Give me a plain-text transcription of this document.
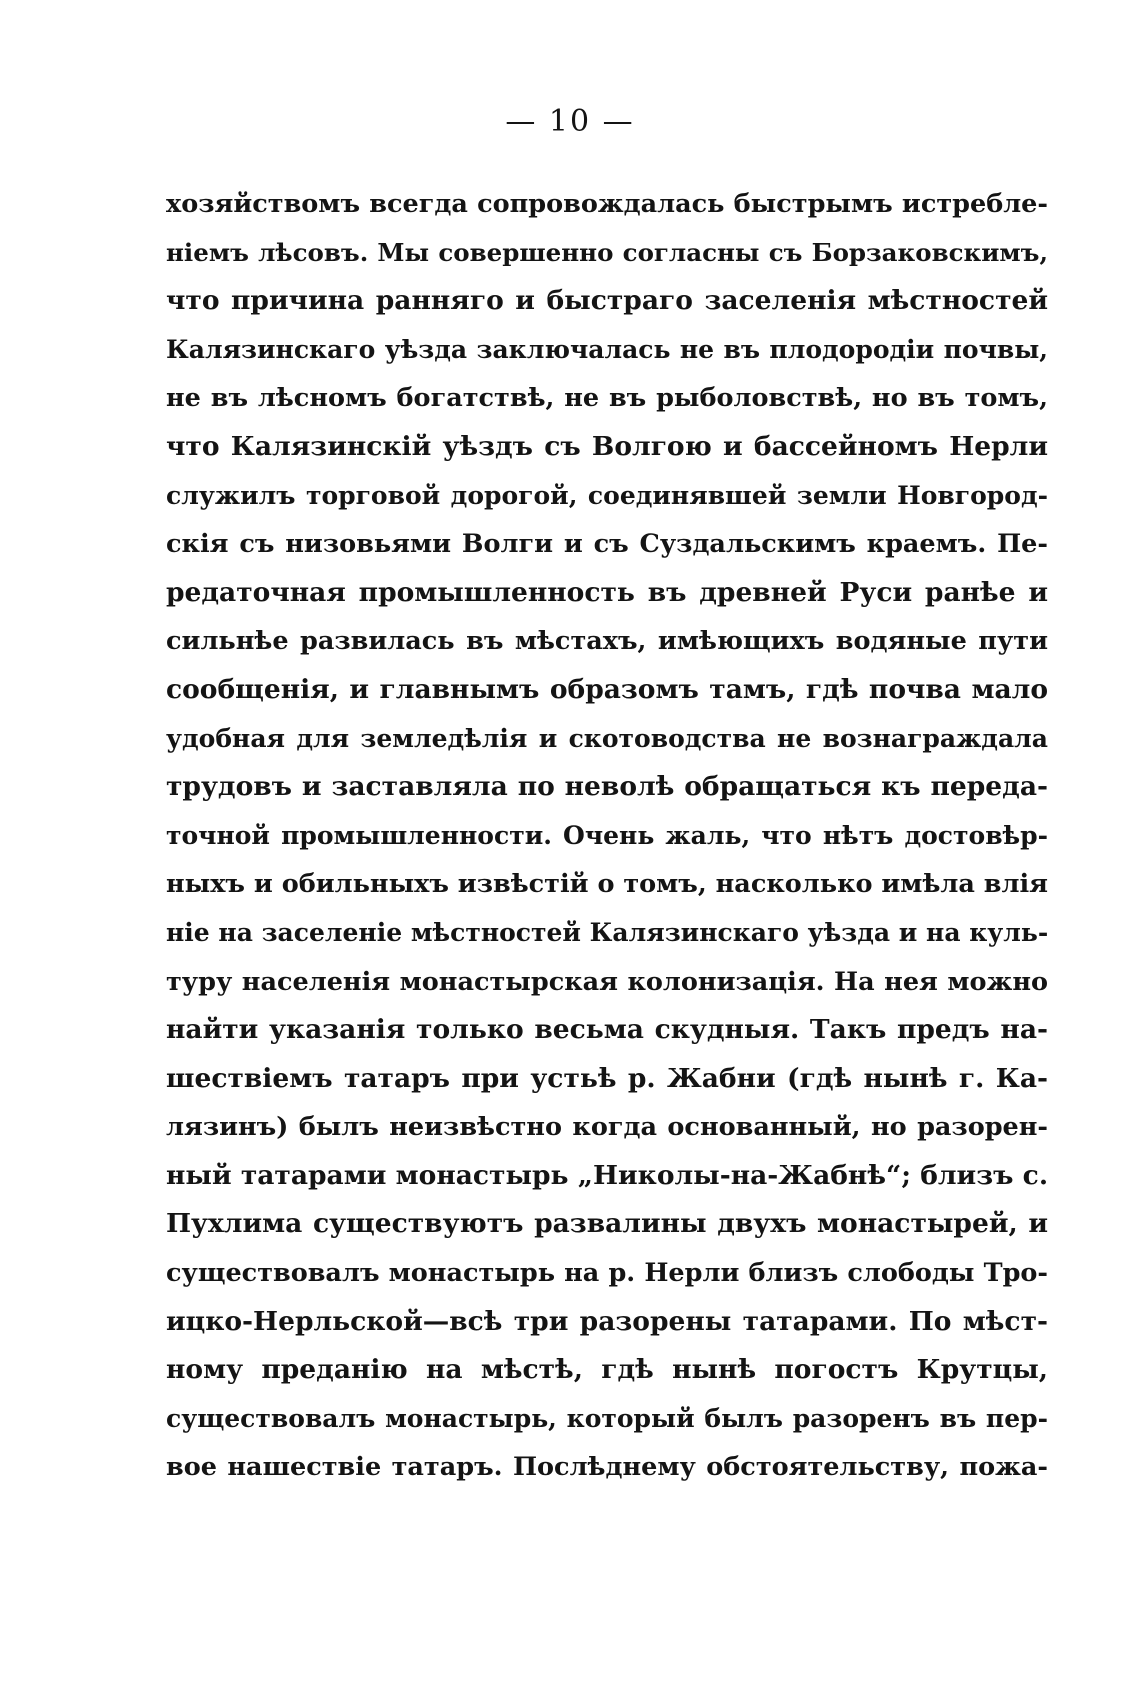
— 10 —
хозяйствомъ всегда сопровождалась быстрымъ истребле-
ніемъ лѣсовъ. Мы совершенно согласны съ Борзаковскимъ,
что причина ранняго и быстраго заселенія мѣстностей
Калязинскаго уѣзда заключалась не въ плодородіи почвы,
не въ лѣсномъ богатствѣ, не въ рыболовствѣ, но въ томъ,
что Калязинскій уѣздъ съ Волгою и бассейномъ Нерли
служилъ торговой дорогой, соединявшей земли Новгород-
скія съ низовьями Волги и съ Суздальскимъ краемъ. Пе-
редаточная промышленность въ древней Руси ранѣе и
сильнѣе развилась въ мѣстахъ, имѣющихъ водяные пути
сообщенія, и главнымъ образомъ тамъ, гдѣ почва мало
удобная для земледѣлія и скотоводства не вознаграждала
трудовъ и заставляла по неволѣ обращаться къ переда-
точной промышленности. Очень жаль, что нѣтъ достовѣр-
ныхъ и обильныхъ извѣстій о томъ, насколько имѣла влія
ніе на заселеніе мѣстностей Калязинскаго уѣзда и на куль-
туру населенія монастырская колонизація. На нея можно
найти указанія только весьма скудныя. Такъ предъ на-
шествіемъ татаръ при устьѣ р. Жабни (гдѣ нынѣ г. Ка-
лязинъ) былъ неизвѣстно когда основанный, но разорен-
ный татарами монастырь „Николы-на-Жабнѣ“; близъ с.
Пухлима существуютъ развалины двухъ монастырей, и
существовалъ монастырь на р. Нерли близъ слободы Тро-
ицко-Нерльской—всѣ три разорены татарами. По мѣст-
ному преданію на мѣстѣ, гдѣ нынѣ погостъ Крутцы,
существовалъ монастырь, который былъ разоренъ въ пер-
вое нашествіе татаръ. Послѣднему обстоятельству, пожа-
